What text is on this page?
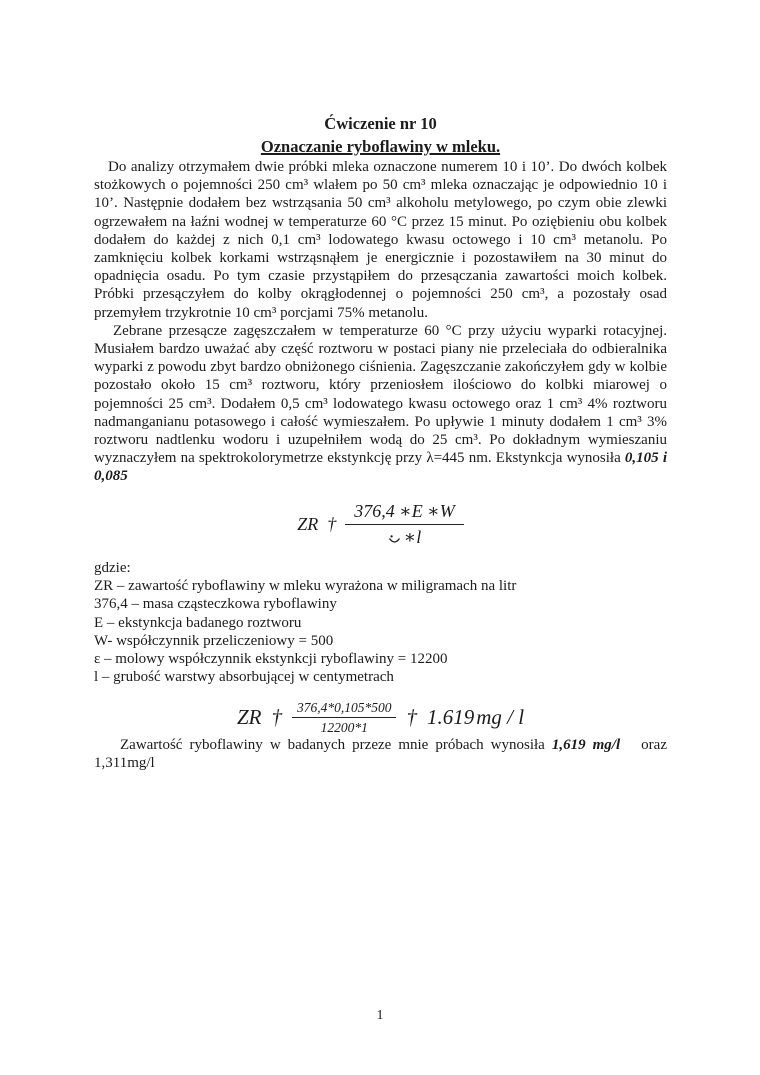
Ćwiczenie nr 10
Oznaczanie ryboflawiny w mleku.

Do analizy otrzymałem dwie próbki mleka oznaczone numerem 10 i 10’. Do dwóch kolbek stożkowych o pojemności 250 cm³ wlałem po 50 cm³ mleka oznaczając je odpowiednio 10 i 10’. Następnie dodałem bez wstrząsania 50 cm³ alkoholu metylowego, po czym obie zlewki ogrzewałem na łaźni wodnej w temperaturze 60 °C przez 15 minut. Po oziębieniu obu kolbek dodałem do każdej z nich 0,1 cm³ lodowatego kwasu octowego i 10 cm³ metanolu. Po zamknięciu kolbek korkami wstrząsnąłem je energicznie i pozostawiłem na 30 minut do opadnięcia osadu. Po tym czasie przystąpiłem do przesączania zawartości moich kolbek. Próbki przesączyłem do kolby okrągłodennej o pojemności 250 cm³, a pozostały osad przemyłem trzykrotnie 10 cm³ porcjami 75% metanolu.

Zebrane przesącze zagęszczałem w temperaturze 60 °C przy użyciu wyparki rotacyjnej. Musiałem bardzo uważać aby część roztworu w postaci piany nie przeleciała do odbieralnika wyparki z powodu zbyt bardzo obniżonego ciśnienia. Zagęszczanie zakończyłem gdy w kolbie pozostało około 15 cm³ roztworu, który przeniosłem ilościowo do kolbki miarowej o pojemności 25 cm³. Dodałem 0,5 cm³ lodowatego kwasu octowego oraz 1 cm³ 4% roztworu nadmanganianu potasowego i całość wymieszałem. Po upływie 1 minuty dodałem 1 cm³ 3% roztworu nadtlenku wodoru i uzupełniłem wodą do 25 cm³. Po dokładnym wymieszaniu wyznaczyłem na spektrokolorymetrze ekstynkcję przy λ=445 nm. Ekstynkcja wynosiła 0,105 i 0,085

ZR † $\frac{376,4 ∗E ∗W}{∗l}$
gdzie:
ZR – zawartość ryboflawiny w mleku wyrażona w miligramach na litr
376,4 – masa cząsteczkowa ryboflawiny
E – ekstynkcja badanego roztworu
W- współczynnik przeliczeniowy = 500
ε – molowy współczynnik ekstynkcji ryboflawiny = 12200
l – grubość warstwy absorbującej w centymetrach
ZR † $\frac{376,4*0,105*500}{12200*1}$ † 1.619mg / l

Zawartość ryboflawiny w badanych przeze mnie próbach wynosiła 1,619 mg/l   oraz 1,311mg/l

1
